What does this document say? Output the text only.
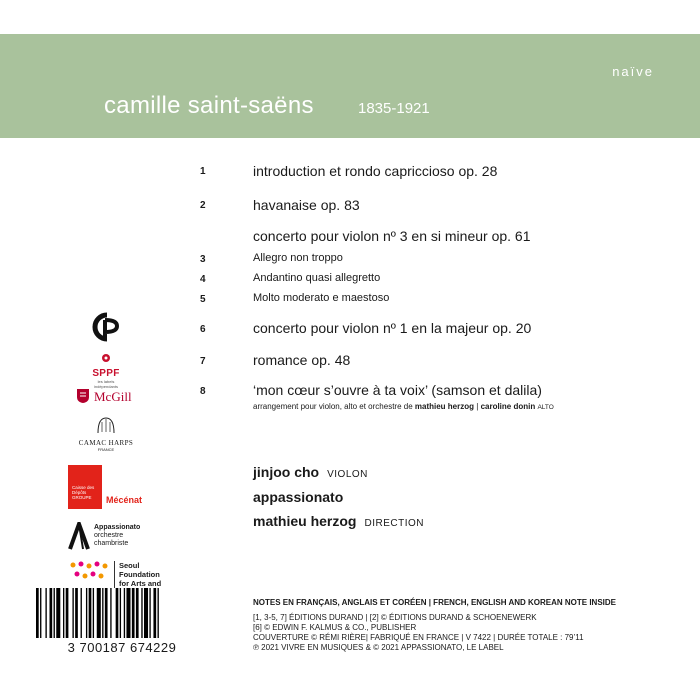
naïve
camille saint-saëns	1835-1921
1	introduction et rondo capriccioso op. 28
2	havanaise op. 83
concerto pour violon nº 3 en si mineur op. 61
3	Allegro non troppo
4	Andantino quasi allegretto
5	Molto moderato e maestoso
6	concerto pour violon nº 1 en la majeur op. 20
7	romance op. 48
8	‘mon cœur s’ouvre à ta voix’ (samson et dalila)
arrangement pour violon, alto et orchestre de mathieu herzog | caroline donin ALTO
jinjoo cho VIOLON
appassionato
mathieu herzog DIRECTION
SPPF
les labels indépendants
McGill
CAMAC HARPS
FRANCE
Caisse des Dépôts
GROUPE	Mécénat
Appassionato
orchestre
chambriste
Seoul Foundation
for Arts and
3 700187 674229
NOTES EN FRANÇAIS, ANGLAIS ET CORÉEN | FRENCH, ENGLISH AND KOREAN NOTE INSIDE
[1, 3-5, 7] ÉDITIONS DURAND | [2] © ÉDITIONS DURAND & SCHOENEWERK
[6] © EDWIN F. KALMUS & CO., PUBLISHER
COUVERTURE © RÉMI RIÈRE| FABRIQUÉ EN FRANCE | V 7422 | DURÉE TOTALE : 79’11
℗ 2021 VIVRE EN MUSIQUES & © 2021 APPASSIONATO, LE LABEL
